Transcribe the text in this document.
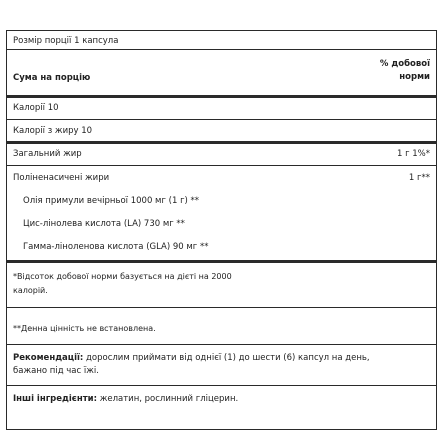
Розмір порції
1 капсула
Сума на порцію
% добової
норми
Калорії 10
Калорії з жиру 10
Загальний жир	1 г 1%*
Поліненасичені жири	1 г**
Олія примули вечірньої 1000 мг (1 г) **
Цис-лінолева кислота (LA) 730 мг **
Гамма-ліноленова кислота (GLA) 90 мг **
*Відсоток добової норми базується на дієті на 2000
калорій.
**Денна цінність не встановлена.
Рекомендації: дорослим приймати від однієї (1) до шести (6) капсул на день,
бажано під час їжі.
Інші інгредієнти:
желатин, рослинний гліцерин.
